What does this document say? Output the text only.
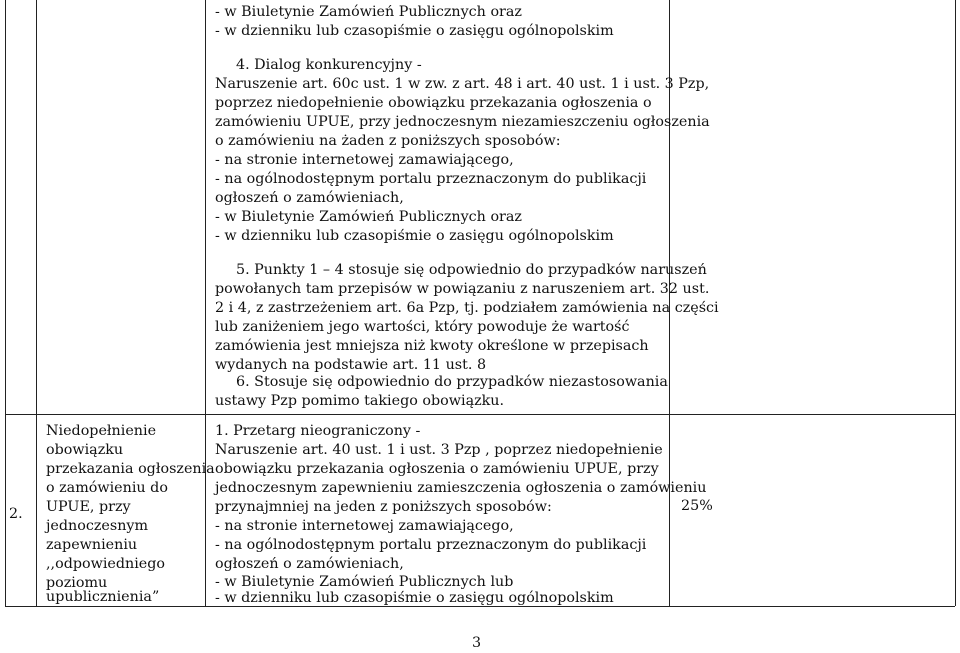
- w Biuletynie Zamówień Publicznych oraz
- w dzienniku lub czasopiśmie o zasięgu ogólnopolskim
4. Dialog konkurencyjny -
Naruszenie art. 60c ust. 1 w zw. z art. 48 i art. 40 ust. 1 i ust. 3 Pzp,
poprzez niedopełnienie obowiązku przekazania ogłoszenia o
zamówieniu UPUE, przy jednoczesnym niezamieszczeniu ogłoszenia
o zamówieniu na żaden z poniższych sposobów:
- na stronie internetowej zamawiającego,
- na ogólnodostępnym portalu przeznaczonym do publikacji
ogłoszeń o zamówieniach,
- w Biuletynie Zamówień Publicznych oraz
- w dzienniku lub czasopiśmie o zasięgu ogólnopolskim
5. Punkty 1 – 4 stosuje się odpowiednio do przypadków naruszeń
powołanych tam przepisów w powiązaniu z naruszeniem art. 32 ust.
2 i 4, z zastrzeżeniem art. 6a Pzp, tj. podziałem zamówienia na części
lub zaniżeniem jego wartości, który powoduje że wartość
zamówienia jest mniejsza niż kwoty określone w przepisach
wydanych na podstawie art. 11 ust. 8
6. Stosuje się odpowiednio do przypadków niezastosowania
ustawy Pzp pomimo takiego obowiązku.
2.
Niedopełnienie
obowiązku
przekazania ogłoszenia
o zamówieniu do
UPUE, przy
jednoczesnym
zapewnieniu
,,odpowiedniego
poziomu
upublicznienia”
1. Przetarg nieograniczony -
Naruszenie art. 40 ust. 1 i ust. 3 Pzp , poprzez niedopełnienie
obowiązku przekazania ogłoszenia o zamówieniu UPUE, przy
jednoczesnym zapewnieniu zamieszczenia ogłoszenia o zamówieniu
przynajmniej na jeden z poniższych sposobów:
- na stronie internetowej zamawiającego,
- na ogólnodostępnym portalu przeznaczonym do publikacji
ogłoszeń o zamówieniach,
- w Biuletynie Zamówień Publicznych lub
- w dzienniku lub czasopiśmie o zasięgu ogólnopolskim
25%
3
